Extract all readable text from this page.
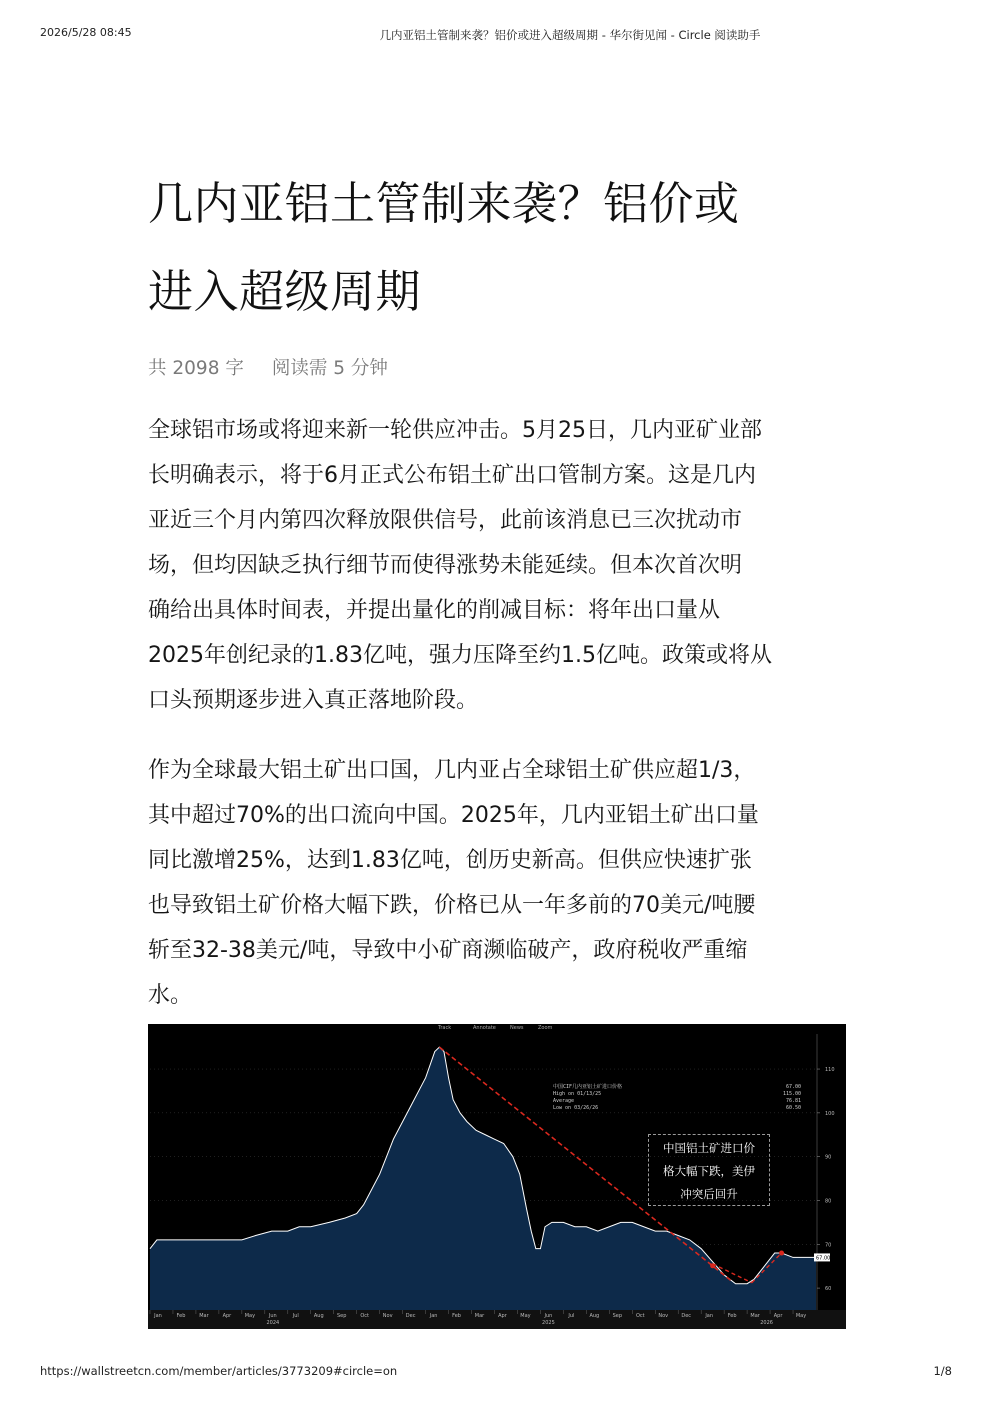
2026/5/28 08:45	几内亚铝土管制来袭？铝价或进入超级周期 - 华尔街见闻 - Circle 阅读助手
几内亚铝土管制来袭？铝价或
进入超级周期
共 2098 字 阅读需 5 分钟

全球铝市场或将迎来新一轮供应冲击。5月25日，几内亚矿业部
长明确表示，将于6月正式公布铝土矿出口管制方案。这是几内
亚近三个月内第四次释放限供信号，此前该消息已三次扰动市
场，但均因缺乏执行细节而使得涨势未能延续。但本次首次明
确给出具体时间表，并提出量化的削减目标：将年出口量从
2025年创纪录的1.83亿吨，强力压降至约1.5亿吨。政策或将从
口头预期逐步进入真正落地阶段。

作为全球最大铝土矿出口国，几内亚占全球铝土矿供应超1/3，
其中超过70%的出口流向中国。2025年，几内亚铝土矿出口量
同比激增25%，达到1.83亿吨，创历史新高。但供应快速扩张
也导致铝土矿价格大幅下跌，价格已从一年多前的70美元/吨腰
斩至32-38美元/吨，导致中小矿商濒临破产，政府税收严重缩
水。

60
70
80
90
100
110
67.00
Jan	Feb	Mar	Apr	May	Jun	Jul	Aug	Sep	Oct	Nov	Dec	Jan	Feb	Mar	Apr	May	Jun	Jul	Aug	Sep	Oct	Nov	Dec	Jan	Feb	Mar	Apr	May
2024	2025	2026
Track	Annotate	News	Zoom
中国CIF几内亚铝土矿进口价格	67.00
High on 01/13/25	115.00
Average	76.81
Low on 03/26/26	60.50
中国铝土矿进口价
格大幅下跌，美伊
冲突后回升
https://wallstreetcn.com/member/articles/3773209#circle=on	1/8
